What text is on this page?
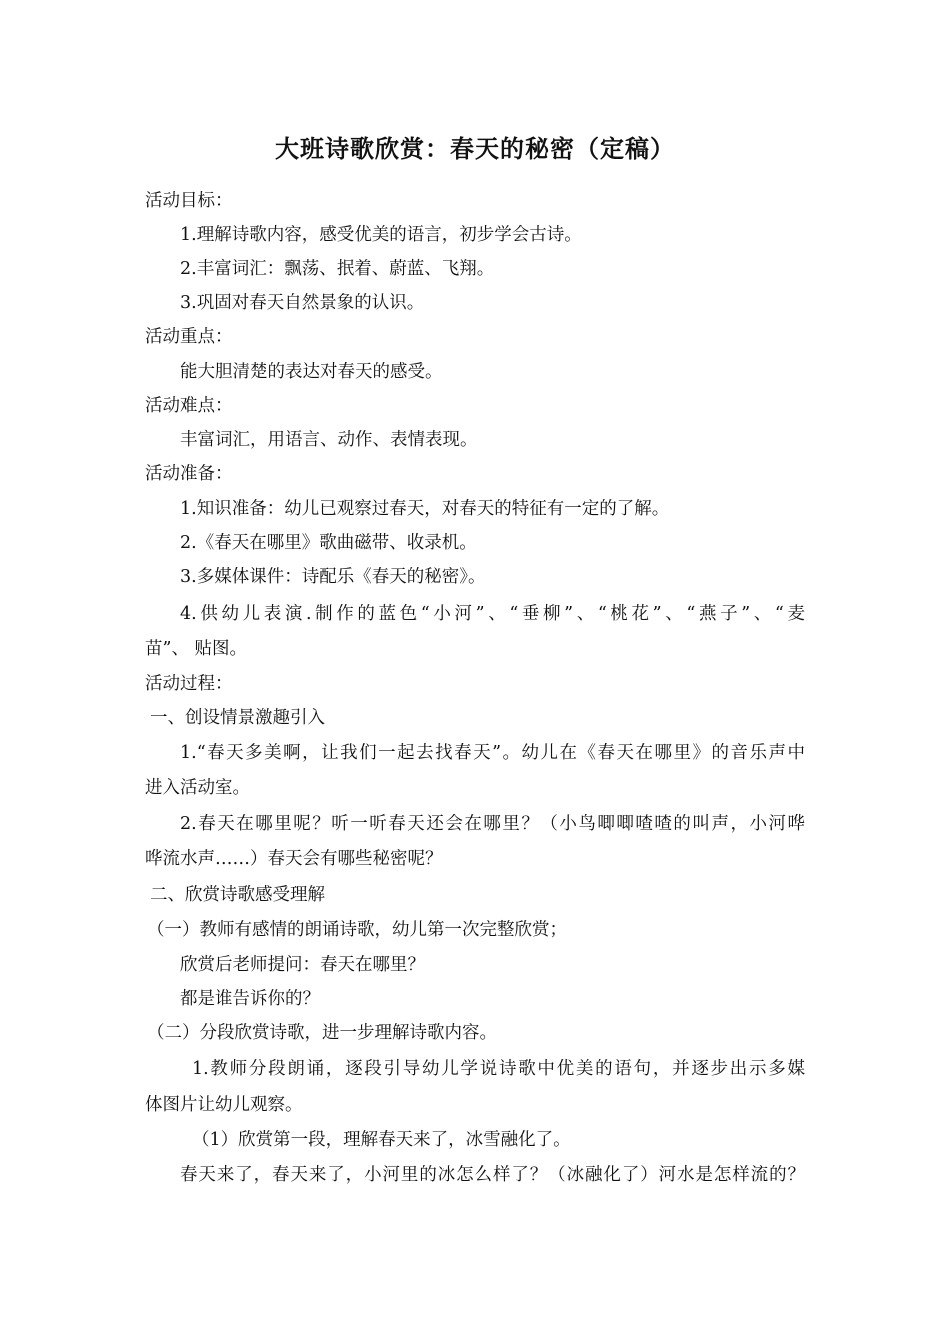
大班诗歌欣赏：春天的秘密（定稿）
活动目标：
1.理解诗歌内容，感受优美的语言，初步学会古诗。
2.丰富词汇：飘荡、抿着、蔚蓝、飞翔。
3.巩固对春天自然景象的认识。
活动重点：
能大胆清楚的表达对春天的感受。
活动难点：
丰富词汇，用语言、动作、表情表现。
活动准备：
1.知识准备：幼儿已观察过春天，对春天的特征有一定的了解。
2.《春天在哪里》歌曲磁带、收录机。
3.多媒体课件：诗配乐《春天的秘密》。
4.供幼儿表演.制作的蓝色“小河”、“垂柳”、“桃花”、“燕子”、“麦
苗”、 贴图。
活动过程：
一、创设情景激趣引入
1.“春天多美啊，让我们一起去找春天”。幼儿在《春天在哪里》的音乐声中
进入活动室。
2.春天在哪里呢？听一听春天还会在哪里？（小鸟唧唧喳喳的叫声，小河哗
哗流水声……）春天会有哪些秘密呢？
二、欣赏诗歌感受理解
（一）教师有感情的朗诵诗歌，幼儿第一次完整欣赏；
欣赏后老师提问：春天在哪里？
都是谁告诉你的？
（二）分段欣赏诗歌，进一步理解诗歌内容。
1.教师分段朗诵，逐段引导幼儿学说诗歌中优美的语句，并逐步出示多媒
体图片让幼儿观察。
（1）欣赏第一段，理解春天来了，冰雪融化了。
春天来了，春天来了，小河里的冰怎么样了？（冰融化了）河水是怎样流的？
